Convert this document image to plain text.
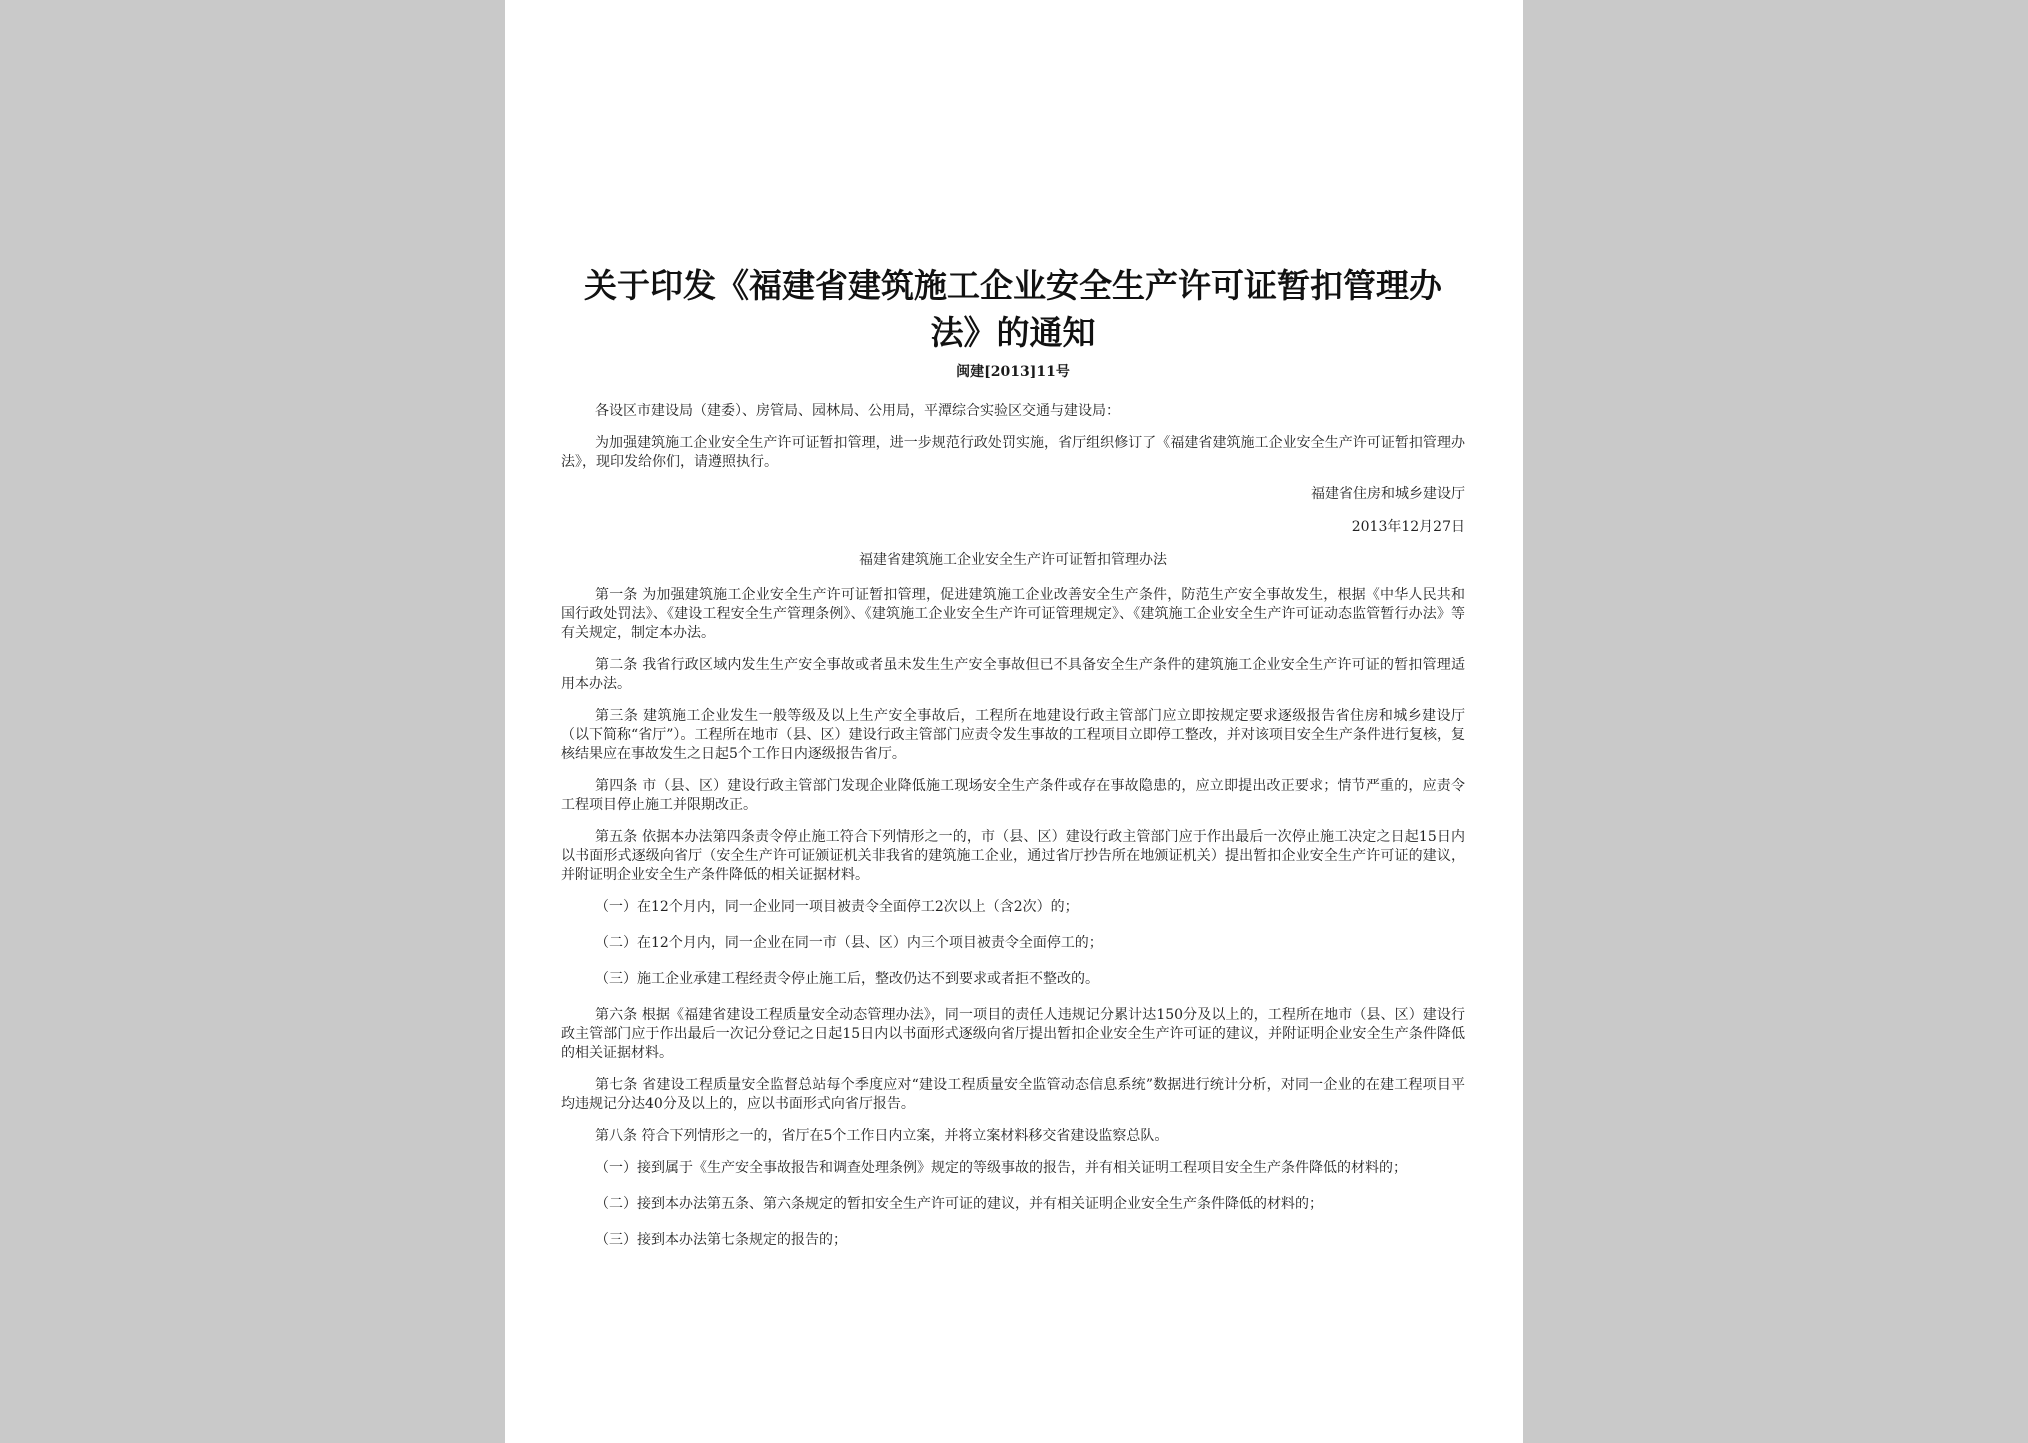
关于印发《福建省建筑施工企业安全生产许可证暂扣管理办法》的通知
闽建[2013]11号

各设区市建设局（建委）、房管局、园林局、公用局，平潭综合实验区交通与建设局：

为加强建筑施工企业安全生产许可证暂扣管理，进一步规范行政处罚实施，省厅组织修订了《福建省建筑施工企业安全生产许可证暂扣管理办法》，现印发给你们，请遵照执行。

福建省住房和城乡建设厅
2013年12月27日
福建省建筑施工企业安全生产许可证暂扣管理办法

第一条 为加强建筑施工企业安全生产许可证暂扣管理，促进建筑施工企业改善安全生产条件，防范生产安全事故发生，根据《中华人民共和国行政处罚法》、《建设工程安全生产管理条例》、《建筑施工企业安全生产许可证管理规定》、《建筑施工企业安全生产许可证动态监管暂行办法》等有关规定，制定本办法。

第二条 我省行政区域内发生生产安全事故或者虽未发生生产安全事故但已不具备安全生产条件的建筑施工企业安全生产许可证的暂扣管理适用本办法。

第三条 建筑施工企业发生一般等级及以上生产安全事故后，工程所在地建设行政主管部门应立即按规定要求逐级报告省住房和城乡建设厅（以下简称“省厅”）。工程所在地市（县、区）建设行政主管部门应责令发生事故的工程项目立即停工整改，并对该项目安全生产条件进行复核，复核结果应在事故发生之日起5个工作日内逐级报告省厅。

第四条 市（县、区）建设行政主管部门发现企业降低施工现场安全生产条件或存在事故隐患的，应立即提出改正要求；情节严重的，应责令工程项目停止施工并限期改正。

第五条 依据本办法第四条责令停止施工符合下列情形之一的，市（县、区）建设行政主管部门应于作出最后一次停止施工决定之日起15日内以书面形式逐级向省厅（安全生产许可证颁证机关非我省的建筑施工企业，通过省厅抄告所在地颁证机关）提出暂扣企业安全生产许可证的建议，并附证明企业安全生产条件降低的相关证据材料。

（一）在12个月内，同一企业同一项目被责令全面停工2次以上（含2次）的；
（二）在12个月内，同一企业在同一市（县、区）内三个项目被责令全面停工的；
（三）施工企业承建工程经责令停止施工后，整改仍达不到要求或者拒不整改的。

第六条 根据《福建省建设工程质量安全动态管理办法》，同一项目的责任人违规记分累计达150分及以上的，工程所在地市（县、区）建设行政主管部门应于作出最后一次记分登记之日起15日内以书面形式逐级向省厅提出暂扣企业安全生产许可证的建议，并附证明企业安全生产条件降低的相关证据材料。

第七条 省建设工程质量安全监督总站每个季度应对“建设工程质量安全监管动态信息系统”数据进行统计分析，对同一企业的在建工程项目平均违规记分达40分及以上的，应以书面形式向省厅报告。

第八条 符合下列情形之一的，省厅在5个工作日内立案，并将立案材料移交省建设监察总队。

（一）接到属于《生产安全事故报告和调查处理条例》规定的等级事故的报告，并有相关证明工程项目安全生产条件降低的材料的；
（二）接到本办法第五条、第六条规定的暂扣安全生产许可证的建议，并有相关证明企业安全生产条件降低的材料的；
（三）接到本办法第七条规定的报告的；
